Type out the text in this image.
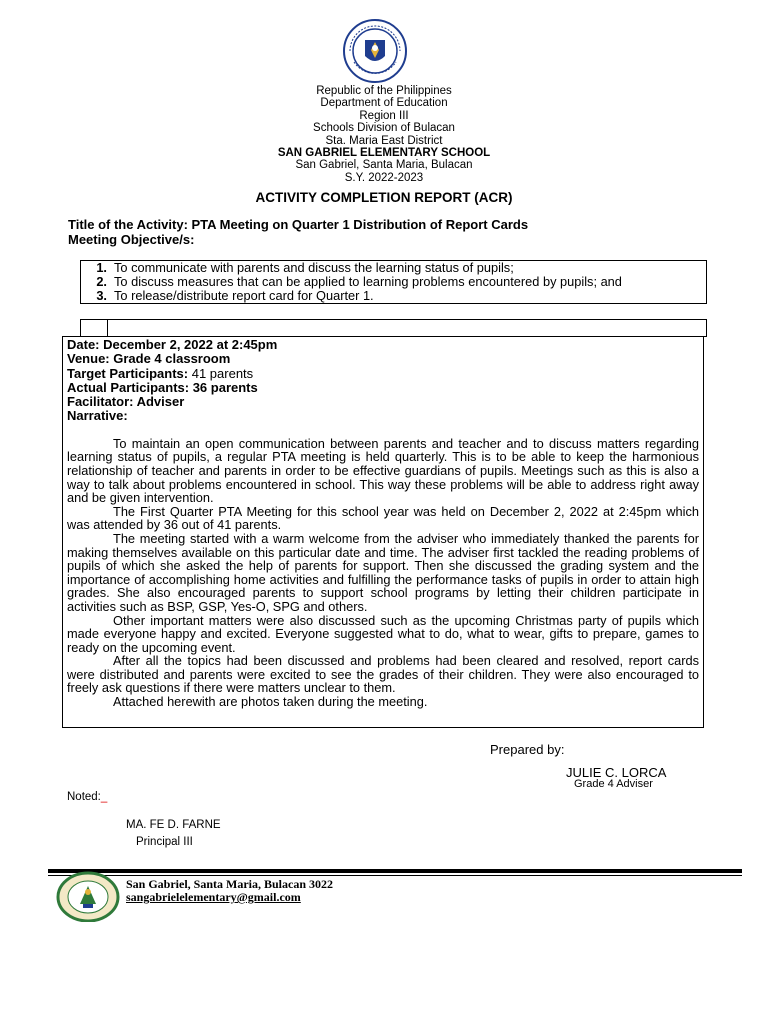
Republic of the Philippines
Department of Education
Region III
Schools Division of Bulacan
Sta. Maria East District
SAN GABRIEL ELEMENTARY SCHOOL
San Gabriel, Santa Maria, Bulacan
S.Y. 2022-2023
ACTIVITY COMPLETION REPORT (ACR)
Title of the Activity: PTA Meeting on Quarter 1 Distribution of Report Cards
Meeting Objective/s:
1. To communicate with parents and discuss the learning status of pupils;
2. To discuss measures that can be applied to learning problems encountered by pupils; and
3. To release/distribute report card for Quarter 1.
Date: December 2, 2022 at 2:45pm
Venue: Grade 4 classroom
Target Participants: 41 parents
Actual Participants: 36 parents
Facilitator: Adviser
Narrative:

To maintain an open communication between parents and teacher and to discuss matters regarding learning status of pupils, a regular PTA meeting is held quarterly. This is to be able to keep the harmonious relationship of teacher and parents in order to be effective guardians of pupils. Meetings such as this is also a way to talk about problems encountered in school. This way these problems will be able to address right away and be given intervention.

The First Quarter PTA Meeting for this school year was held on December 2, 2022 at 2:45pm which was attended by 36 out of 41 parents.

The meeting started with a warm welcome from the adviser who immediately thanked the parents for making themselves available on this particular date and time. The adviser first tackled the reading problems of pupils of which she asked the help of parents for support. Then she discussed the grading system and the importance of accomplishing home activities and fulfilling the performance tasks of pupils in order to attain high grades. She also encouraged parents to support school programs by letting their children participate in activities such as BSP, GSP, Yes-O, SPG and others.

Other important matters were also discussed such as the upcoming Christmas party of pupils which made everyone happy and excited. Everyone suggested what to do, what to wear, gifts to prepare, games to ready on the upcoming event.

After all the topics had been discussed and problems had been cleared and resolved, report cards were distributed and parents were excited to see the grades of their children. They were also encouraged to freely ask questions if there were matters unclear to them.

Attached herewith are photos taken during the meeting.

Prepared by:
JULIE C. LORCA
Grade 4 Adviser
Noted:_
MA. FE D. FARNE
Principal III
San Gabriel, Santa Maria, Bulacan 3022
sangabrielelementary@gmail.com
